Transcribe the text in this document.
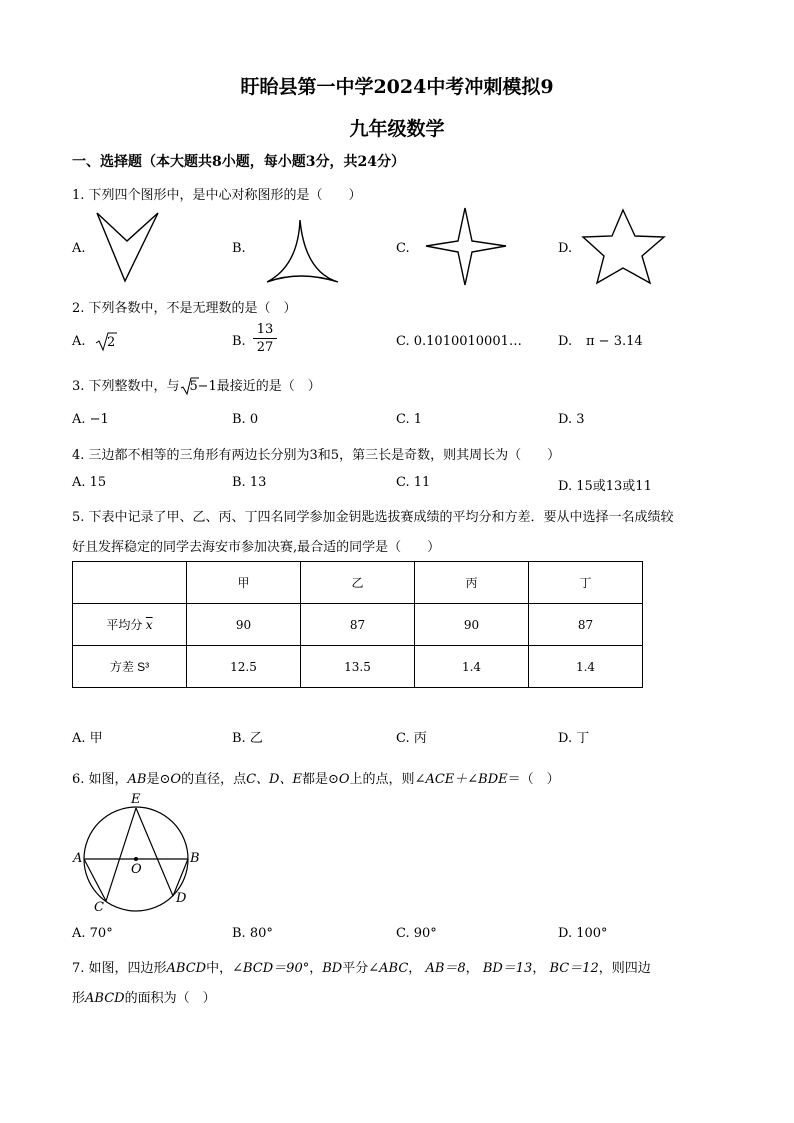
盱眙县第一中学2024中考冲刺模拟9
九年级数学
一、选择题（本大题共8小题，每小题3分，共24分）
1. 下列四个图形中，是中心对称图形的是（　　）
A.	B.	C.	D.
2. 下列各数中，不是无理数的是（　）
A. 2	B.
13
27	C. 0.1010010001…	D. π − 3.14
3. 下列整数中，与 5−1最接近的是（　）
A. −1	B. 0	C. 1	D. 3
4. 三边都不相等的三角形有两边长分别为3和5，第三长是奇数，则其周长为（　　）
A. 15	B. 13	C. 11	D. 15或13或11
5. 下表中记录了甲、乙、丙、丁四名同学参加金钥匙选拔赛成绩的平均分和方差．要从中选择一名成绩较
好且发挥稳定的同学去海安市参加决赛,最合适的同学是（　　）
	甲	乙	丙	丁
平均分 $\overline{x}$	90	87	90	87
方差 S³	12.5	13.5	1.4	1.4
A. 甲	B. 乙	C. 丙	D. 丁
6. 如图，AB是⊙O的直径，点C、D、E都是⊙O上的点，则∠ACE＋∠BDE＝（　）
E
A	B
O
C
D
A. 70°	B. 80°	C. 90°	D. 100°
7. 如图，四边形ABCD中，∠BCD＝90°，BD平分∠ABC， AB＝8， BD＝13， BC＝12，则四边
形ABCD的面积为（　）
